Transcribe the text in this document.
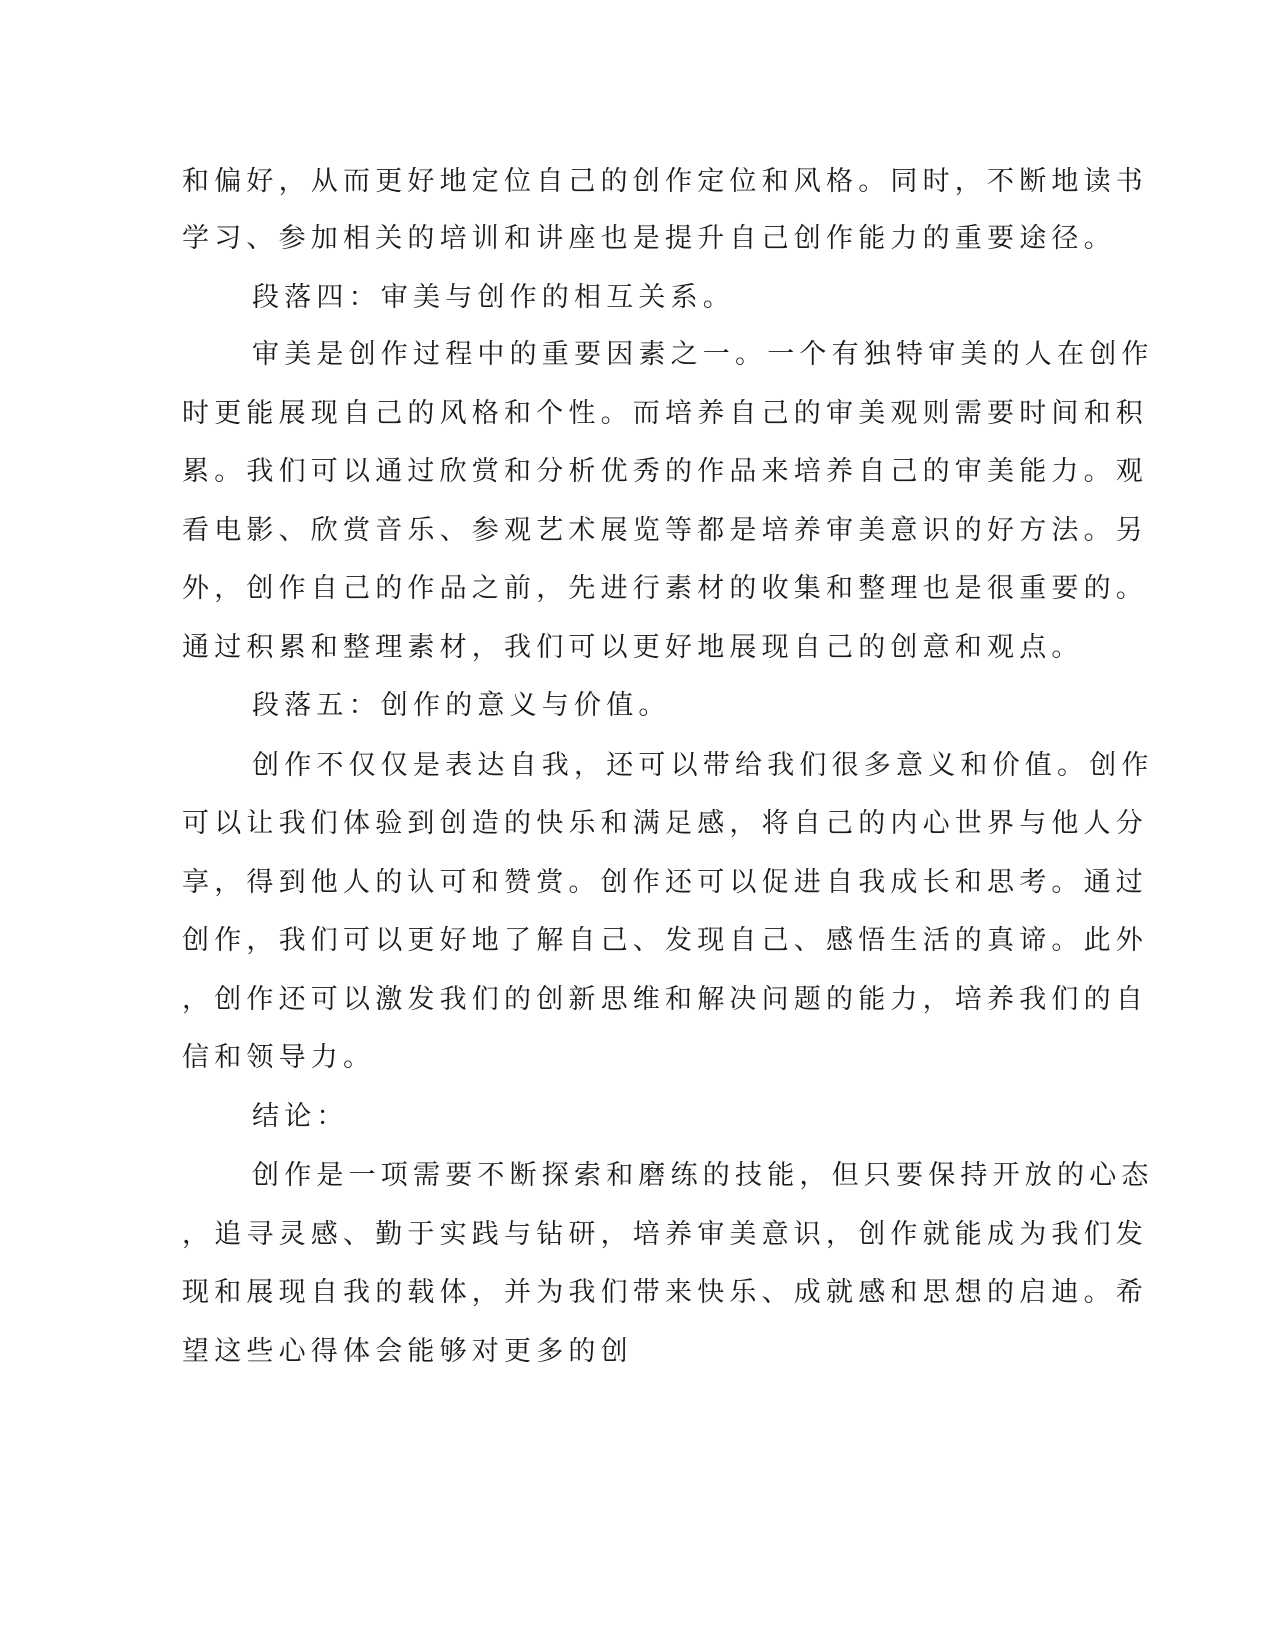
和偏好，从而更好地定位自己的创作定位和风格。同时，不断地读书
学习、参加相关的培训和讲座也是提升自己创作能力的重要途径。
段落四：审美与创作的相互关系。
审美是创作过程中的重要因素之一。一个有独特审美的人在创作
时更能展现自己的风格和个性。而培养自己的审美观则需要时间和积
累。我们可以通过欣赏和分析优秀的作品来培养自己的审美能力。观
看电影、欣赏音乐、参观艺术展览等都是培养审美意识的好方法。另
外，创作自己的作品之前，先进行素材的收集和整理也是很重要的。
通过积累和整理素材，我们可以更好地展现自己的创意和观点。
段落五：创作的意义与价值。
创作不仅仅是表达自我，还可以带给我们很多意义和价值。创作
可以让我们体验到创造的快乐和满足感，将自己的内心世界与他人分
享，得到他人的认可和赞赏。创作还可以促进自我成长和思考。通过
创作，我们可以更好地了解自己、发现自己、感悟生活的真谛。此外
，创作还可以激发我们的创新思维和解决问题的能力，培养我们的自
信和领导力。
结论：
创作是一项需要不断探索和磨练的技能，但只要保持开放的心态
，追寻灵感、勤于实践与钻研，培养审美意识，创作就能成为我们发
现和展现自我的载体，并为我们带来快乐、成就感和思想的启迪。希
望这些心得体会能够对更多的创
